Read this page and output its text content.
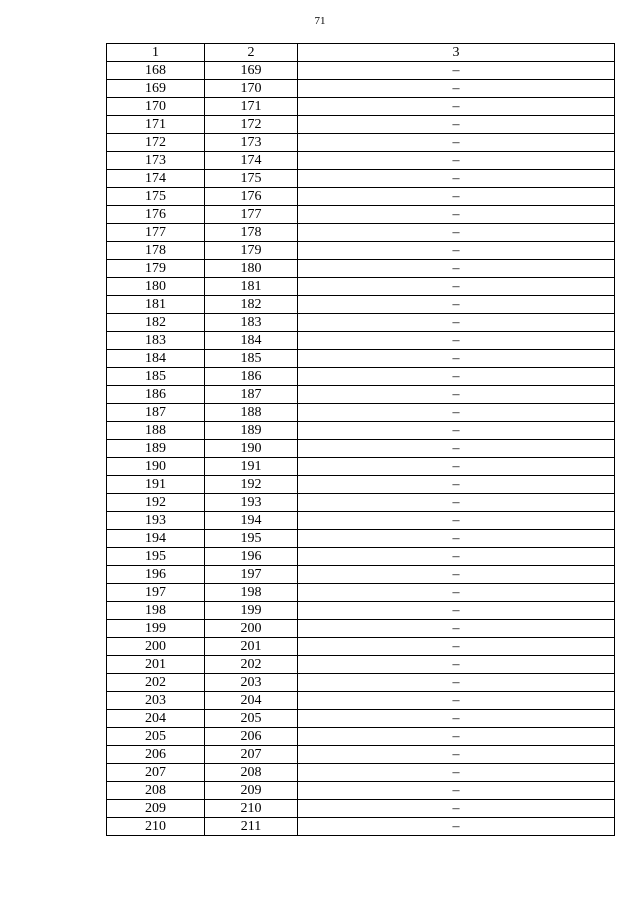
71
1	2	3
168	169	–
169	170	–
170	171	–
171	172	–
172	173	–
173	174	–
174	175	–
175	176	–
176	177	–
177	178	–
178	179	–
179	180	–
180	181	–
181	182	–
182	183	–
183	184	–
184	185	–
185	186	–
186	187	–
187	188	–
188	189	–
189	190	–
190	191	–
191	192	–
192	193	–
193	194	–
194	195	–
195	196	–
196	197	–
197	198	–
198	199	–
199	200	–
200	201	–
201	202	–
202	203	–
203	204	–
204	205	–
205	206	–
206	207	–
207	208	–
208	209	–
209	210	–
210	211	–
